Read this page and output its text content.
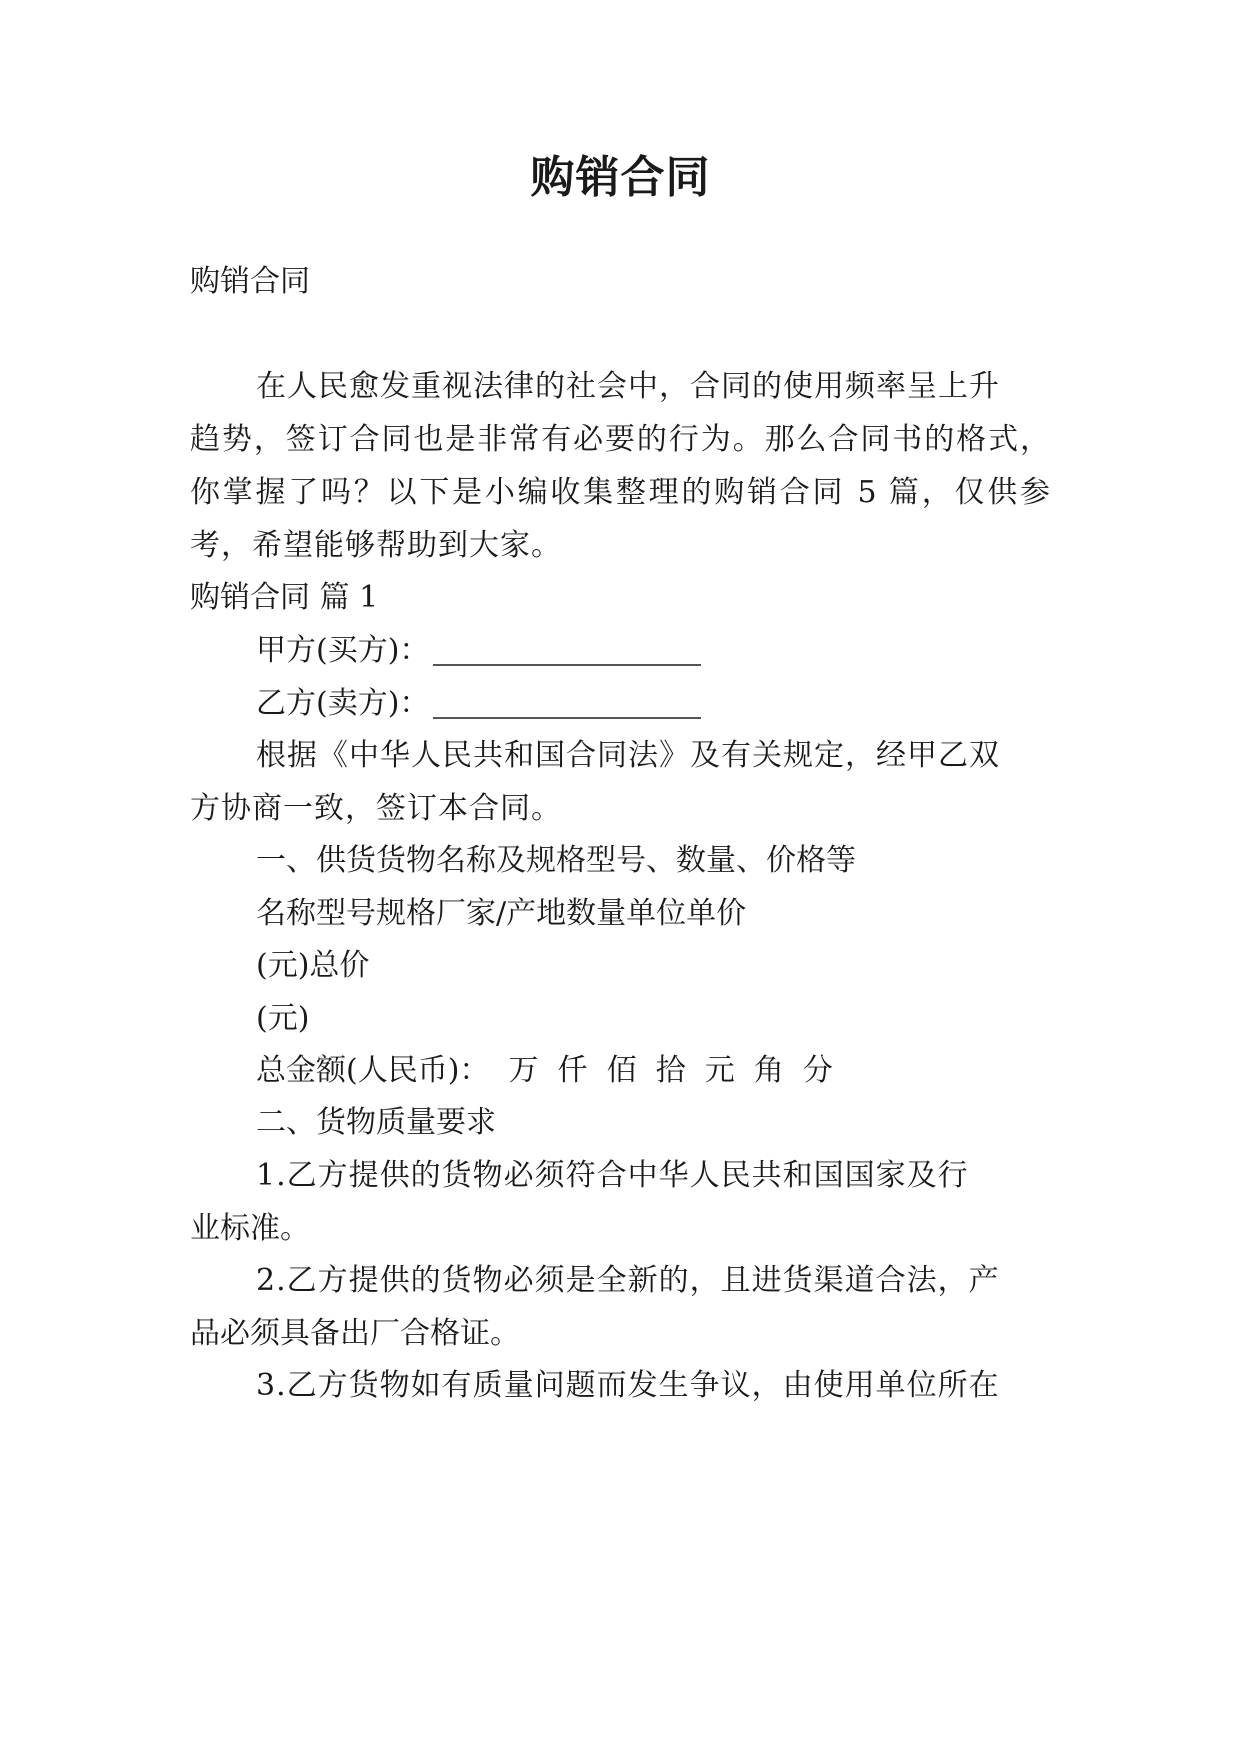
购销合同

购销合同

在人民愈发重视法律的社会中，合同的使用频率呈上升

趋势，签订合同也是非常有必要的行为。那么合同书的格式，

你掌握了吗？以下是小编收集整理的购销合同 5 篇，仅供参

考，希望能够帮助到大家。

购销合同 篇 1

甲方(买方)：

乙方(卖方)：

根据《中华人民共和国合同法》及有关规定，经甲乙双

方协商一致，签订本合同。

一、供货货物名称及规格型号、数量、价格等

名称型号规格厂家/产地数量单位单价

(元)总价

(元)

总金额(人民币)：  万  仟  佰  拾  元  角  分

二、货物质量要求

1.乙方提供的货物必须符合中华人民共和国国家及行

业标准。

2.乙方提供的货物必须是全新的，且进货渠道合法，产

品必须具备出厂合格证。

3.乙方货物如有质量问题而发生争议，由使用单位所在
